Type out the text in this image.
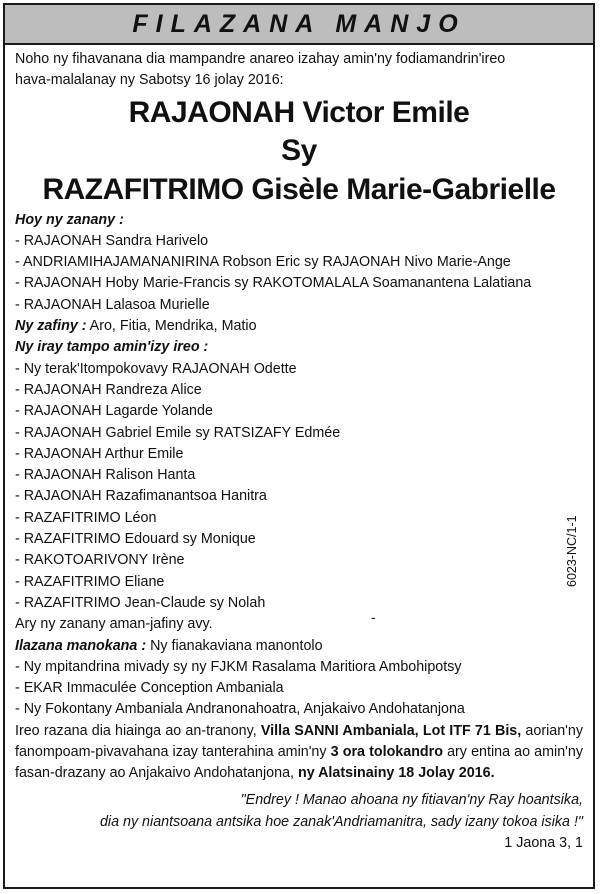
FILAZANA MANJO
Noho ny fihavanana dia mampandre anareo izahay amin'ny fodiamandrin'ireo
hava-malalanay ny Sabotsy 16 jolay 2016:
RAJAONAH Victor Emile
Sy
RAZAFITRIMO Gisèle Marie-Gabrielle
Hoy ny zanany :
- RAJAONAH Sandra Harivelo
- ANDRIAMIHAJAMANANIRINA Robson Eric sy RAJAONAH Nivo Marie-Ange
- RAJAONAH Hoby Marie-Francis sy RAKOTOMALALA Soamanantena Lalatiana
- RAJAONAH Lalasoa Murielle
Ny zafiny : Aro, Fitia, Mendrika, Matio
Ny iray tampo amin'izy ireo :
- Ny terak'Itompokovavy RAJAONAH Odette
- RAJAONAH Randreza Alice
- RAJAONAH Lagarde Yolande
- RAJAONAH Gabriel Emile sy RATSIZAFY Edmée
- RAJAONAH Arthur Emile
- RAJAONAH Ralison Hanta
- RAJAONAH Razafimanantsoa Hanitra
- RAZAFITRIMO Léon
- RAZAFITRIMO Edouard sy Monique
- RAKOTOARIVONY Irène
- RAZAFITRIMO Eliane
- RAZAFITRIMO Jean-Claude sy Nolah
Ary ny zanany aman-jafiny avy.
Ilazana manokana : Ny fianakaviana manontolo
- Ny mpitandrina mivady sy ny FJKM Rasalama Maritiora Ambohipotsy
- EKAR Immaculée Conception Ambaniala
- Ny Fokontany Ambaniala Andranonahoatra, Anjakaivo Andohatanjona
Ireo razana dia hiainga ao an-tranony, Villa SANNI Ambaniala, Lot ITF 71 Bis, aorian'ny fanompoam-pivavahana izay tanterahina amin'ny 3 ora tolokandro ary entina ao amin'ny fasan-drazany ao Anjakaivo Andohatanjona, ny Alatsinainy 18 Jolay 2016.
"Endrey ! Manao ahoana ny fitiavan'ny Ray hoantsika,
dia ny niantsoana antsika hoe zanak'Andriamanitra, sady izany tokoa isika !"
1 Jaona 3, 1
-
6023-NC/1-1
